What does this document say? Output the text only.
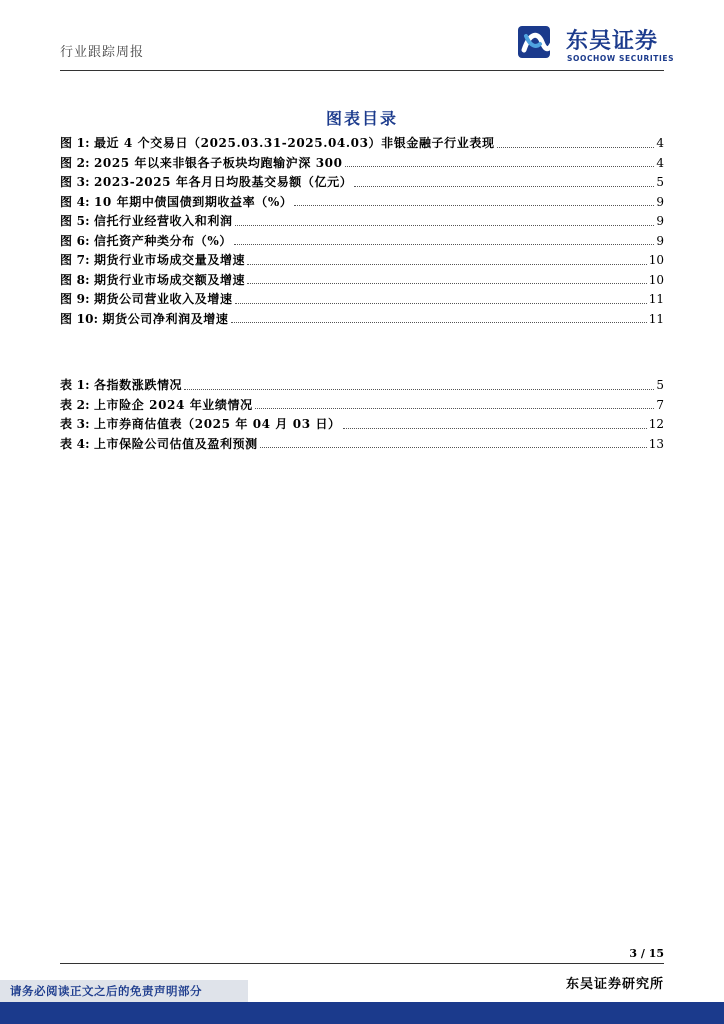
行业跟踪周报	东吴证券
SOOCHOW SECURITIES
图表目录
图 1:
最近 4 个交易日（2025.03.31-2025.04.03）非银金融子行业表现	4
图 2:
2025 年以来非银各子板块均跑输沪深 300	4
图 3:
2023-2025 年各月日均股基交易额（亿元）	5
图 4:
10 年期中债国债到期收益率（%）	9
图 5:
信托行业经营收入和利润	9
图 6:
信托资产种类分布（%）	9
图 7:
期货行业市场成交量及增速	10
图 8:
期货行业市场成交额及增速	10
图 9:
期货公司营业收入及增速	11
图 10:
期货公司净利润及增速	11
表 1:
各指数涨跌情况	5
表 2:
上市险企 2024 年业绩情况	7
表 3:
上市券商估值表（2025 年 04 月 03 日）	12
表 4:
上市保险公司估值及盈利预测	13
3 / 15
东吴证券研究所
请务必阅读正文之后的免责声明部分
